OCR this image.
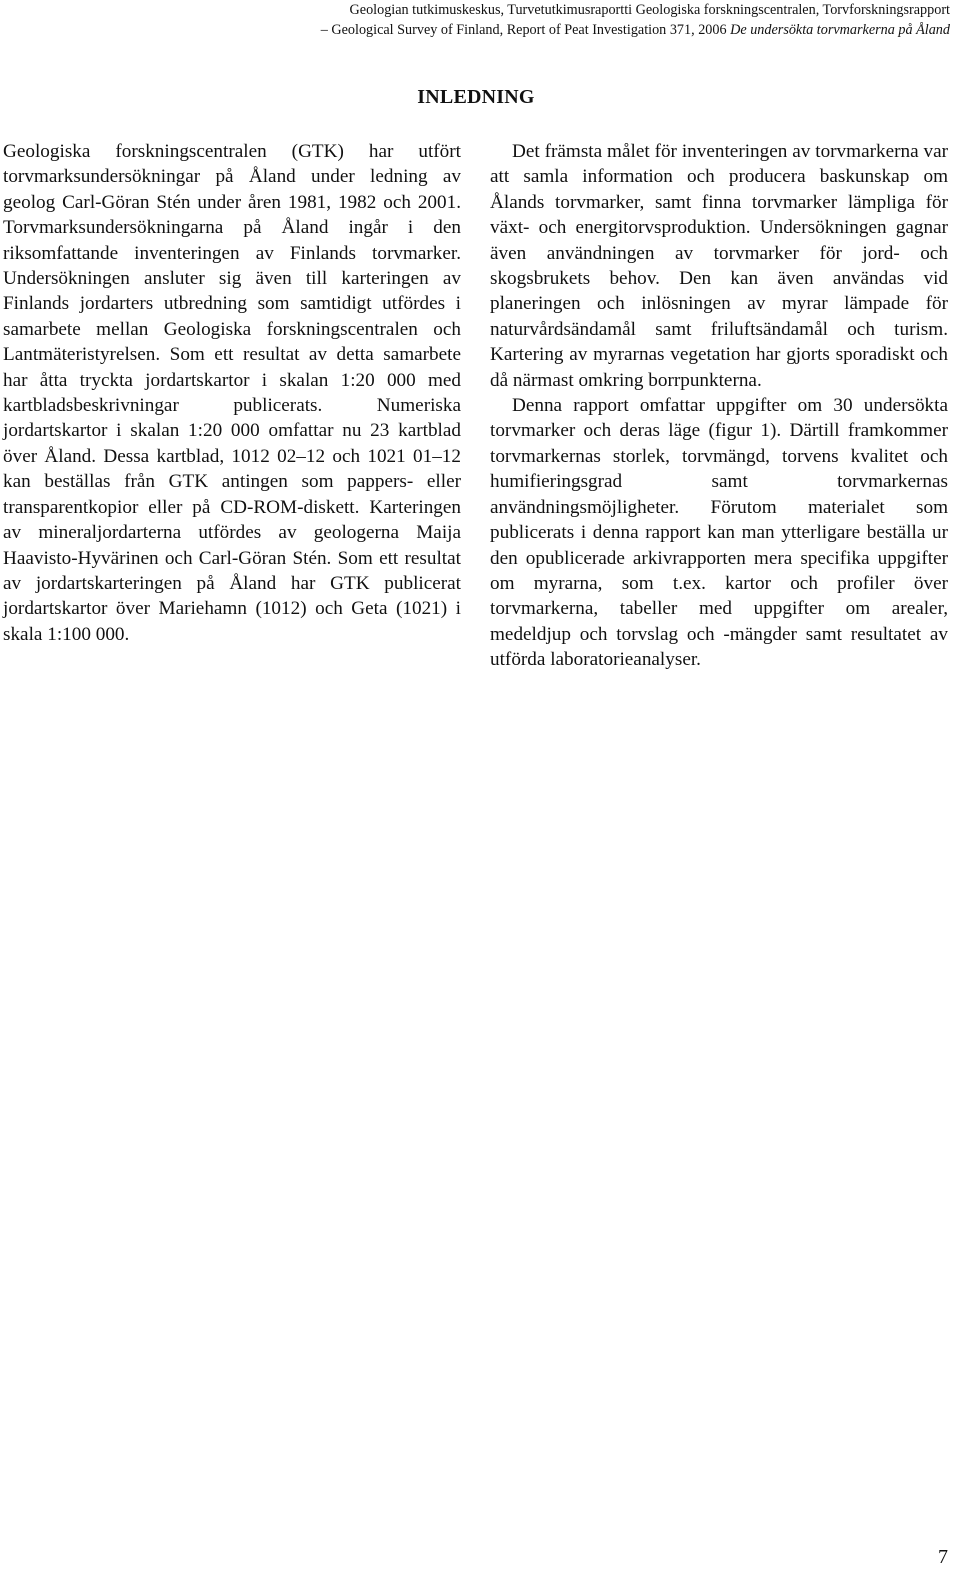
Geologian tutkimuskeskus, Turvetutkimusraportti Geologiska forskningscentralen, Torvforskningsrapport
– Geological Survey of Finland, Report of Peat Investigation 371, 2006 De undersökta torvmarkerna på Åland
INLEDNING

Geologiska forskningscentralen (GTK) har utfört torvmarksundersökningar på Åland under ledning av geolog Carl-Göran Stén under åren 1981, 1982 och 2001. Torvmarksundersökningarna på Åland ingår i den riksomfattande inventeringen av Finlands torvmarker. Undersökningen ansluter sig även till karteringen av Finlands jordarters utbredning som samtidigt utfördes i samarbete mellan Geologiska forskningscentralen och Lantmäteristyrelsen. Som ett resultat av detta samarbete har åtta tryckta jordartskartor i skalan 1:20 000 med kartbladsbeskrivningar publicerats. Numeriska jordartskartor i skalan 1:20 000 omfattar nu 23 kartblad över Åland. Dessa kartblad, 1012 02–12 och 1021 01–12 kan beställas från GTK antingen som pappers- eller transparentkopior eller på CD-ROM-diskett. Karteringen av mineraljordarterna utfördes av geologerna Maija Haavisto-Hyvärinen och Carl-Göran Stén. Som ett resultat av jordartskarteringen på Åland har GTK publicerat jordartskartor över Mariehamn (1012) och Geta (1021) i skala 1:100 000.

Det främsta målet för inventeringen av torvmarkerna var att samla information och producera baskunskap om Ålands torvmarker, samt finna torvmarker lämpliga för växt- och energitorvsproduktion. Undersökningen gagnar även användningen av torvmarker för jord- och skogsbrukets behov. Den kan även användas vid planeringen och inlösningen av myrar lämpade för naturvårdsändamål samt friluftsändamål och turism. Kartering av myrarnas vegetation har gjorts sporadiskt och då närmast omkring borrpunkterna.

Denna rapport omfattar uppgifter om 30 undersökta torvmarker och deras läge (figur 1). Därtill framkommer torvmarkernas storlek, torvmängd, torvens kvalitet och humifieringsgrad samt torvmarkernas användningsmöjligheter. Förutom materialet som publicerats i denna rapport kan man ytterligare beställa ur den opublicerade arkivrapporten mera specifika uppgifter om myrarna, som t.ex. kartor och profiler över torvmarkerna, tabeller med uppgifter om arealer, medeldjup och torvslag och -mängder samt resultatet av utförda laboratorieanalyser.

7
